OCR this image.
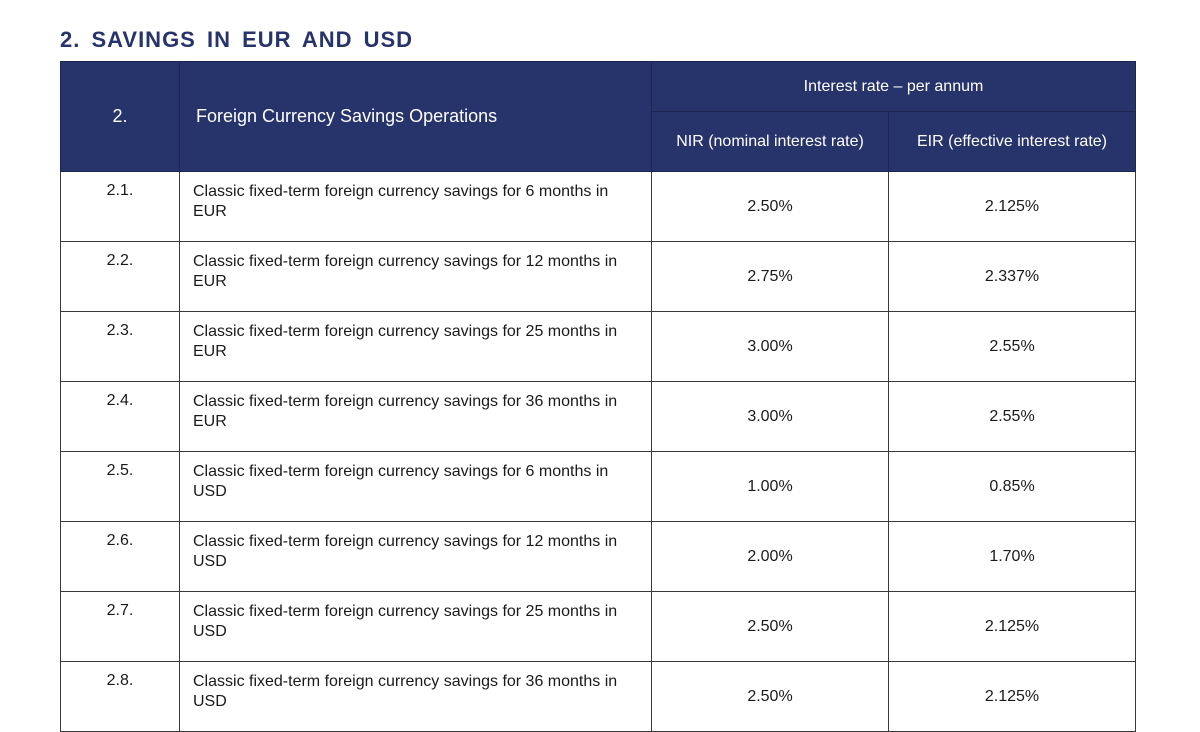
2. SAVINGS IN EUR AND USD
2.	Foreign Currency Savings Operations	Interest rate – per annum	
		NIR (nominal interest rate)	EIR (effective interest rate)
2.1.	Classic fixed-term foreign currency savings for 6 months in EUR	2.50%	2.125%
2.2.	Classic fixed-term foreign currency savings for 12 months in EUR	2.75%	2.337%
2.3.	Classic fixed-term foreign currency savings for 25 months in EUR	3.00%	2.55%
2.4.	Classic fixed-term foreign currency savings for 36 months in EUR	3.00%	2.55%
2.5.	Classic fixed-term foreign currency savings for 6 months in USD	1.00%	0.85%
2.6.	Classic fixed-term foreign currency savings for 12 months in USD	2.00%	1.70%
2.7.	Classic fixed-term foreign currency savings for 25 months in USD	2.50%	2.125%
2.8.	Classic fixed-term foreign currency savings for 36 months in USD	2.50%	2.125%
